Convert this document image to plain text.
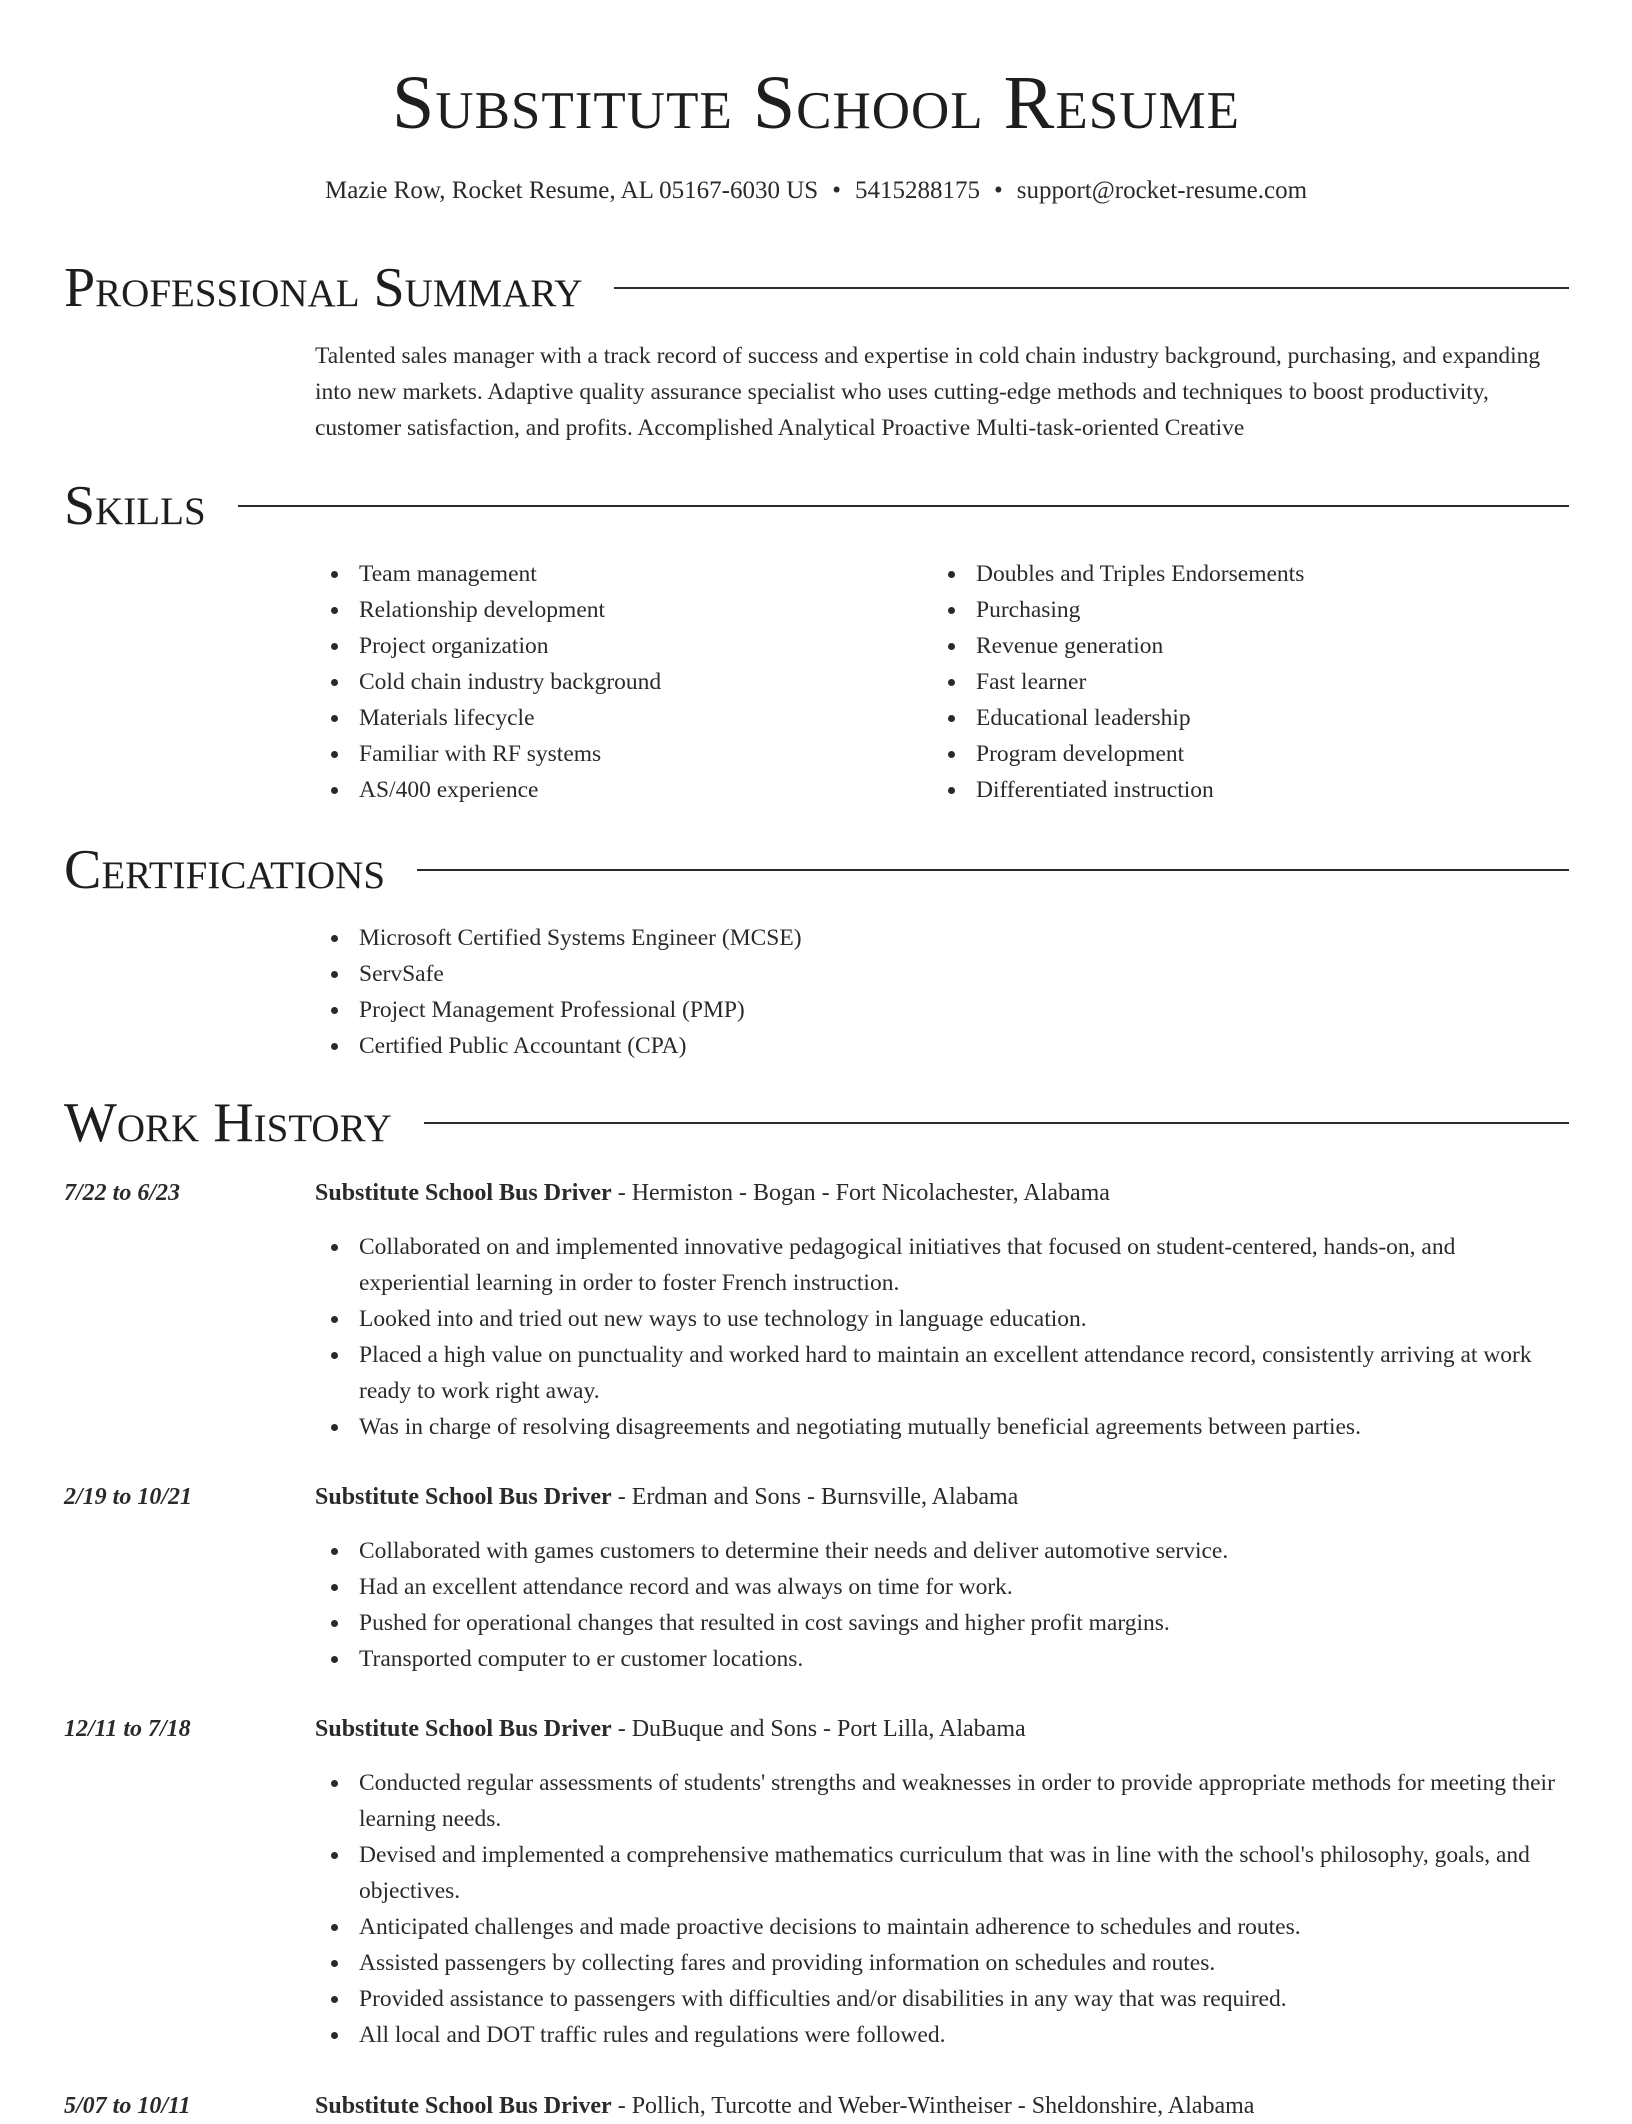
Substitute School Resume
Mazie Row, Rocket Resume, AL 05167-6030 US • 5415288175 • support@rocket-resume.com
Professional Summary

Talented sales manager with a track record of success and expertise in cold chain industry background, purchasing, and expanding into new markets. Adaptive quality assurance specialist who uses cutting-edge methods and techniques to boost productivity, customer satisfaction, and profits. Accomplished Analytical Proactive Multi-task-oriented Creative

Skills
Team management
Relationship development
Project organization
Cold chain industry background
Materials lifecycle
Familiar with RF systems
AS/400 experience
Doubles and Triples Endorsements
Purchasing
Revenue generation
Fast learner
Educational leadership
Program development
Differentiated instruction
Certifications
Microsoft Certified Systems Engineer (MCSE)
ServSafe
Project Management Professional (PMP)
Certified Public Accountant (CPA)
Work History
7/22 to 6/23	Substitute School Bus Driver - Hermiston - Bogan - Fort Nicolachester, Alabama
Collaborated on and implemented innovative pedagogical initiatives that focused on student-centered, hands-on, and experiential learning in order to foster French instruction.
Looked into and tried out new ways to use technology in language education.
Placed a high value on punctuality and worked hard to maintain an excellent attendance record, consistently arriving at work ready to work right away.
Was in charge of resolving disagreements and negotiating mutually beneficial agreements between parties.
2/19 to 10/21	Substitute School Bus Driver - Erdman and Sons - Burnsville, Alabama
Collaborated with games customers to determine their needs and deliver automotive service.
Had an excellent attendance record and was always on time for work.
Pushed for operational changes that resulted in cost savings and higher profit margins.
Transported computer to er customer locations.
12/11 to 7/18	Substitute School Bus Driver - DuBuque and Sons - Port Lilla, Alabama
Conducted regular assessments of students' strengths and weaknesses in order to provide appropriate methods for meeting their learning needs.
Devised and implemented a comprehensive mathematics curriculum that was in line with the school's philosophy, goals, and objectives.
Anticipated challenges and made proactive decisions to maintain adherence to schedules and routes.
Assisted passengers by collecting fares and providing information on schedules and routes.
Provided assistance to passengers with difficulties and/or disabilities in any way that was required.
All local and DOT traffic rules and regulations were followed.
5/07 to 10/11	Substitute School Bus Driver - Pollich, Turcotte and Weber-Wintheiser - Sheldonshire, Alabama
